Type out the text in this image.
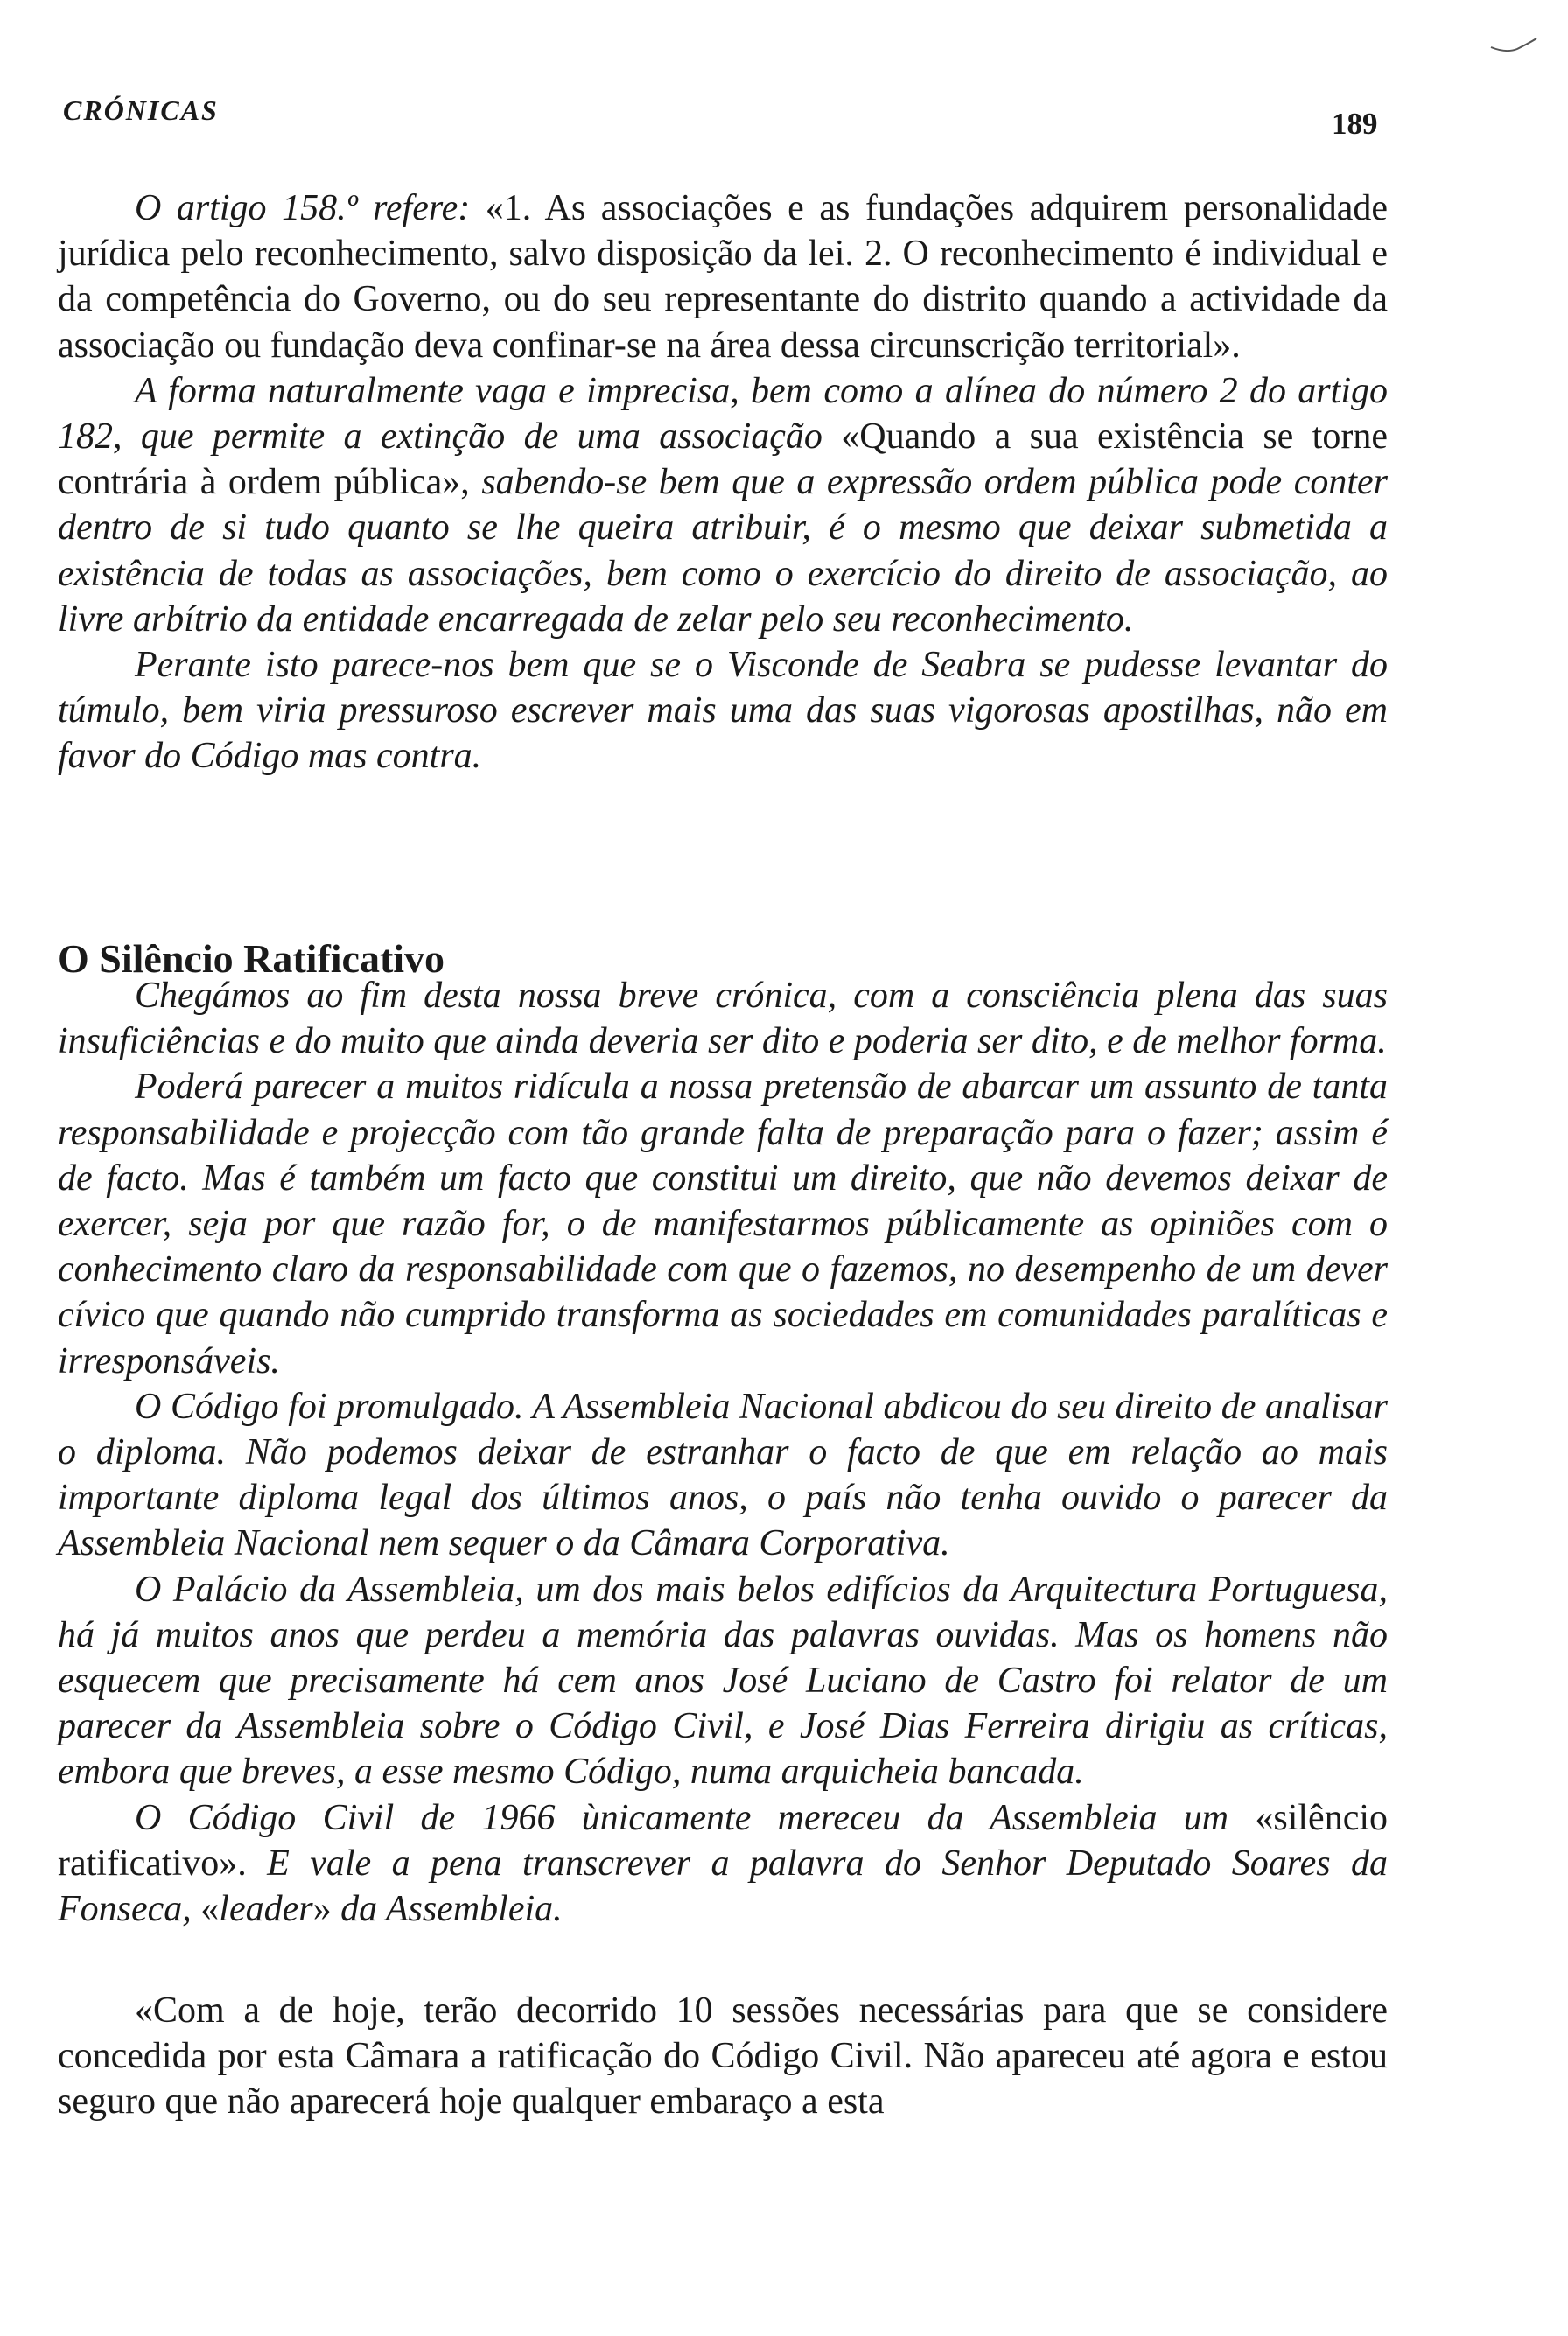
CRÓNICAS	189

O artigo 158.º refere: «1. As associações e as fundações adquirem personalidade jurídica pelo reconhecimento, salvo disposição da lei. 2. O reconhecimento é individual e da competência do Governo, ou do seu representante do distrito quando a actividade da associação ou fundação deva confinar-se na área dessa circunscrição territorial».

A forma naturalmente vaga e imprecisa, bem como a alínea do número 2 do artigo 182, que permite a extinção de uma associação «Quando a sua existência se torne contrária à ordem pública», sabendo-se bem que a expressão ordem pública pode conter dentro de si tudo quanto se lhe queira atribuir, é o mesmo que deixar submetida a existência de todas as associações, bem como o exercício do direito de associação, ao livre arbítrio da entidade encarregada de zelar pelo seu reconhecimento.

Perante isto parece-nos bem que se o Visconde de Seabra se pudesse levantar do túmulo, bem viria pressuroso escrever mais uma das suas vigorosas apostilhas, não em favor do Código mas contra.

O Silêncio Ratificativo

Chegámos ao fim desta nossa breve crónica, com a consciência plena das suas insuficiências e do muito que ainda deveria ser dito e poderia ser dito, e de melhor forma.

Poderá parecer a muitos ridícula a nossa pretensão de abarcar um assunto de tanta responsabilidade e projecção com tão grande falta de preparação para o fazer; assim é de facto. Mas é também um facto que constitui um direito, que não devemos deixar de exercer, seja por que razão for, o de manifestarmos públicamente as opiniões com o conhecimento claro da responsabilidade com que o fazemos, no desempenho de um dever cívico que quando não cumprido transforma as sociedades em comunidades paralíticas e irresponsáveis.

O Código foi promulgado. A Assembleia Nacional abdicou do seu direito de analisar o diploma. Não podemos deixar de estranhar o facto de que em relação ao mais importante diploma legal dos últimos anos, o país não tenha ouvido o parecer da Assembleia Nacional nem sequer o da Câmara Corporativa.

O Palácio da Assembleia, um dos mais belos edifícios da Arquitectura Portuguesa, há já muitos anos que perdeu a memória das palavras ouvidas. Mas os homens não esquecem que precisamente há cem anos José Luciano de Castro foi relator de um parecer da Assembleia sobre o Código Civil, e José Dias Ferreira dirigiu as críticas, embora que breves, a esse mesmo Código, numa arquicheia bancada.

O Código Civil de 1966 ùnicamente mereceu da Assembleia um «silêncio ratificativo». E vale a pena transcrever a palavra do Senhor Deputado Soares da Fonseca, «leader» da Assembleia.

«Com a de hoje, terão decorrido 10 sessões necessárias para que se considere concedida por esta Câmara a ratificação do Código Civil. Não apareceu até agora e estou seguro que não aparecerá hoje qualquer embaraço a esta
